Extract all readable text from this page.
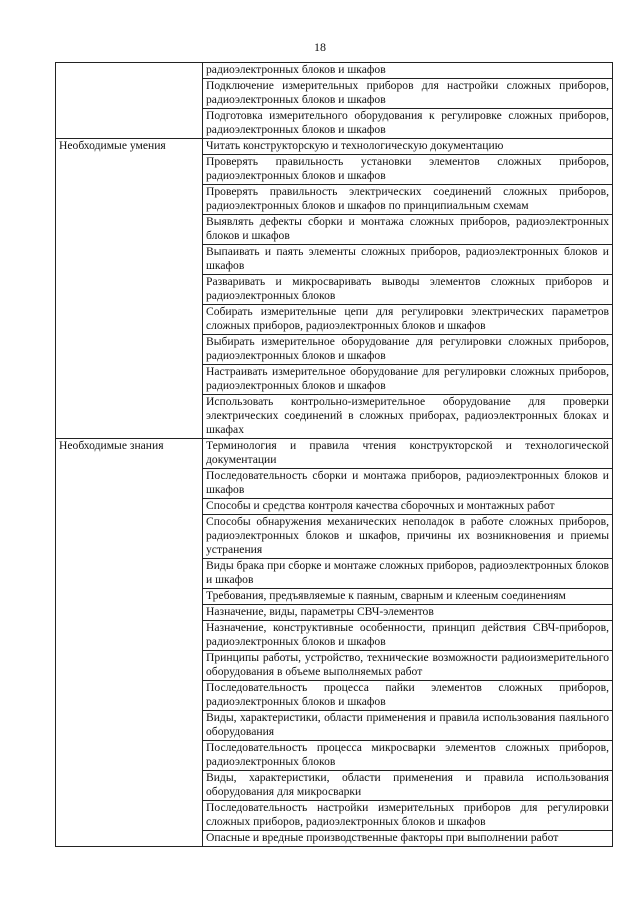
18
	радиоэлектронных блоков и шкафов
	Подключение измерительных приборов для настройки сложных приборов, радиоэлектронных блоков и шкафов
	Подготовка измерительного оборудования к регулировке сложных приборов, радиоэлектронных блоков и шкафов
Необходимые умения	Читать конструкторскую и технологическую документацию
	Проверять правильность установки элементов сложных приборов, радиоэлектронных блоков и шкафов
	Проверять правильность электрических соединений сложных приборов, радиоэлектронных блоков и шкафов по принципиальным схемам
	Выявлять дефекты сборки и монтажа сложных приборов, радиоэлектронных блоков и шкафов
	Выпаивать и паять элементы сложных приборов, радиоэлектронных блоков и шкафов
	Разваривать и микросваривать выводы элементов сложных приборов и радиоэлектронных блоков
	Собирать измерительные цепи для регулировки электрических параметров сложных приборов, радиоэлектронных блоков и шкафов
	Выбирать измерительное оборудование для регулировки сложных приборов, радиоэлектронных блоков и шкафов
	Настраивать измерительное оборудование для регулировки сложных приборов, радиоэлектронных блоков и шкафов
	Использовать контрольно-измерительное оборудование для проверки электрических соединений в сложных приборах, радиоэлектронных блоках и шкафах
Необходимые знания	Терминология и правила чтения конструкторской и технологической документации
	Последовательность сборки и монтажа приборов, радиоэлектронных блоков и шкафов
	Способы и средства контроля качества сборочных и монтажных работ
	Способы обнаружения механических неполадок в работе сложных приборов, радиоэлектронных блоков и шкафов, причины их возникновения и приемы устранения
	Виды брака при сборке и монтаже сложных приборов, радиоэлектронных блоков и шкафов
	Требования, предъявляемые к паяным, сварным и клееным соединениям
	Назначение, виды, параметры СВЧ-элементов
	Назначение, конструктивные особенности, принцип действия СВЧ-приборов, радиоэлектронных блоков и шкафов
	Принципы работы, устройство, технические возможности радиоизмерительного оборудования в объеме выполняемых работ
	Последовательность процесса пайки элементов сложных приборов, радиоэлектронных блоков и шкафов
	Виды, характеристики, области применения и правила использования паяльного оборудования
	Последовательность процесса микросварки элементов сложных приборов, радиоэлектронных блоков
	Виды, характеристики, области применения и правила использования оборудования для микросварки
	Последовательность настройки измерительных приборов для регулировки сложных приборов, радиоэлектронных блоков и шкафов
	Опасные и вредные производственные факторы при выполнении работ
